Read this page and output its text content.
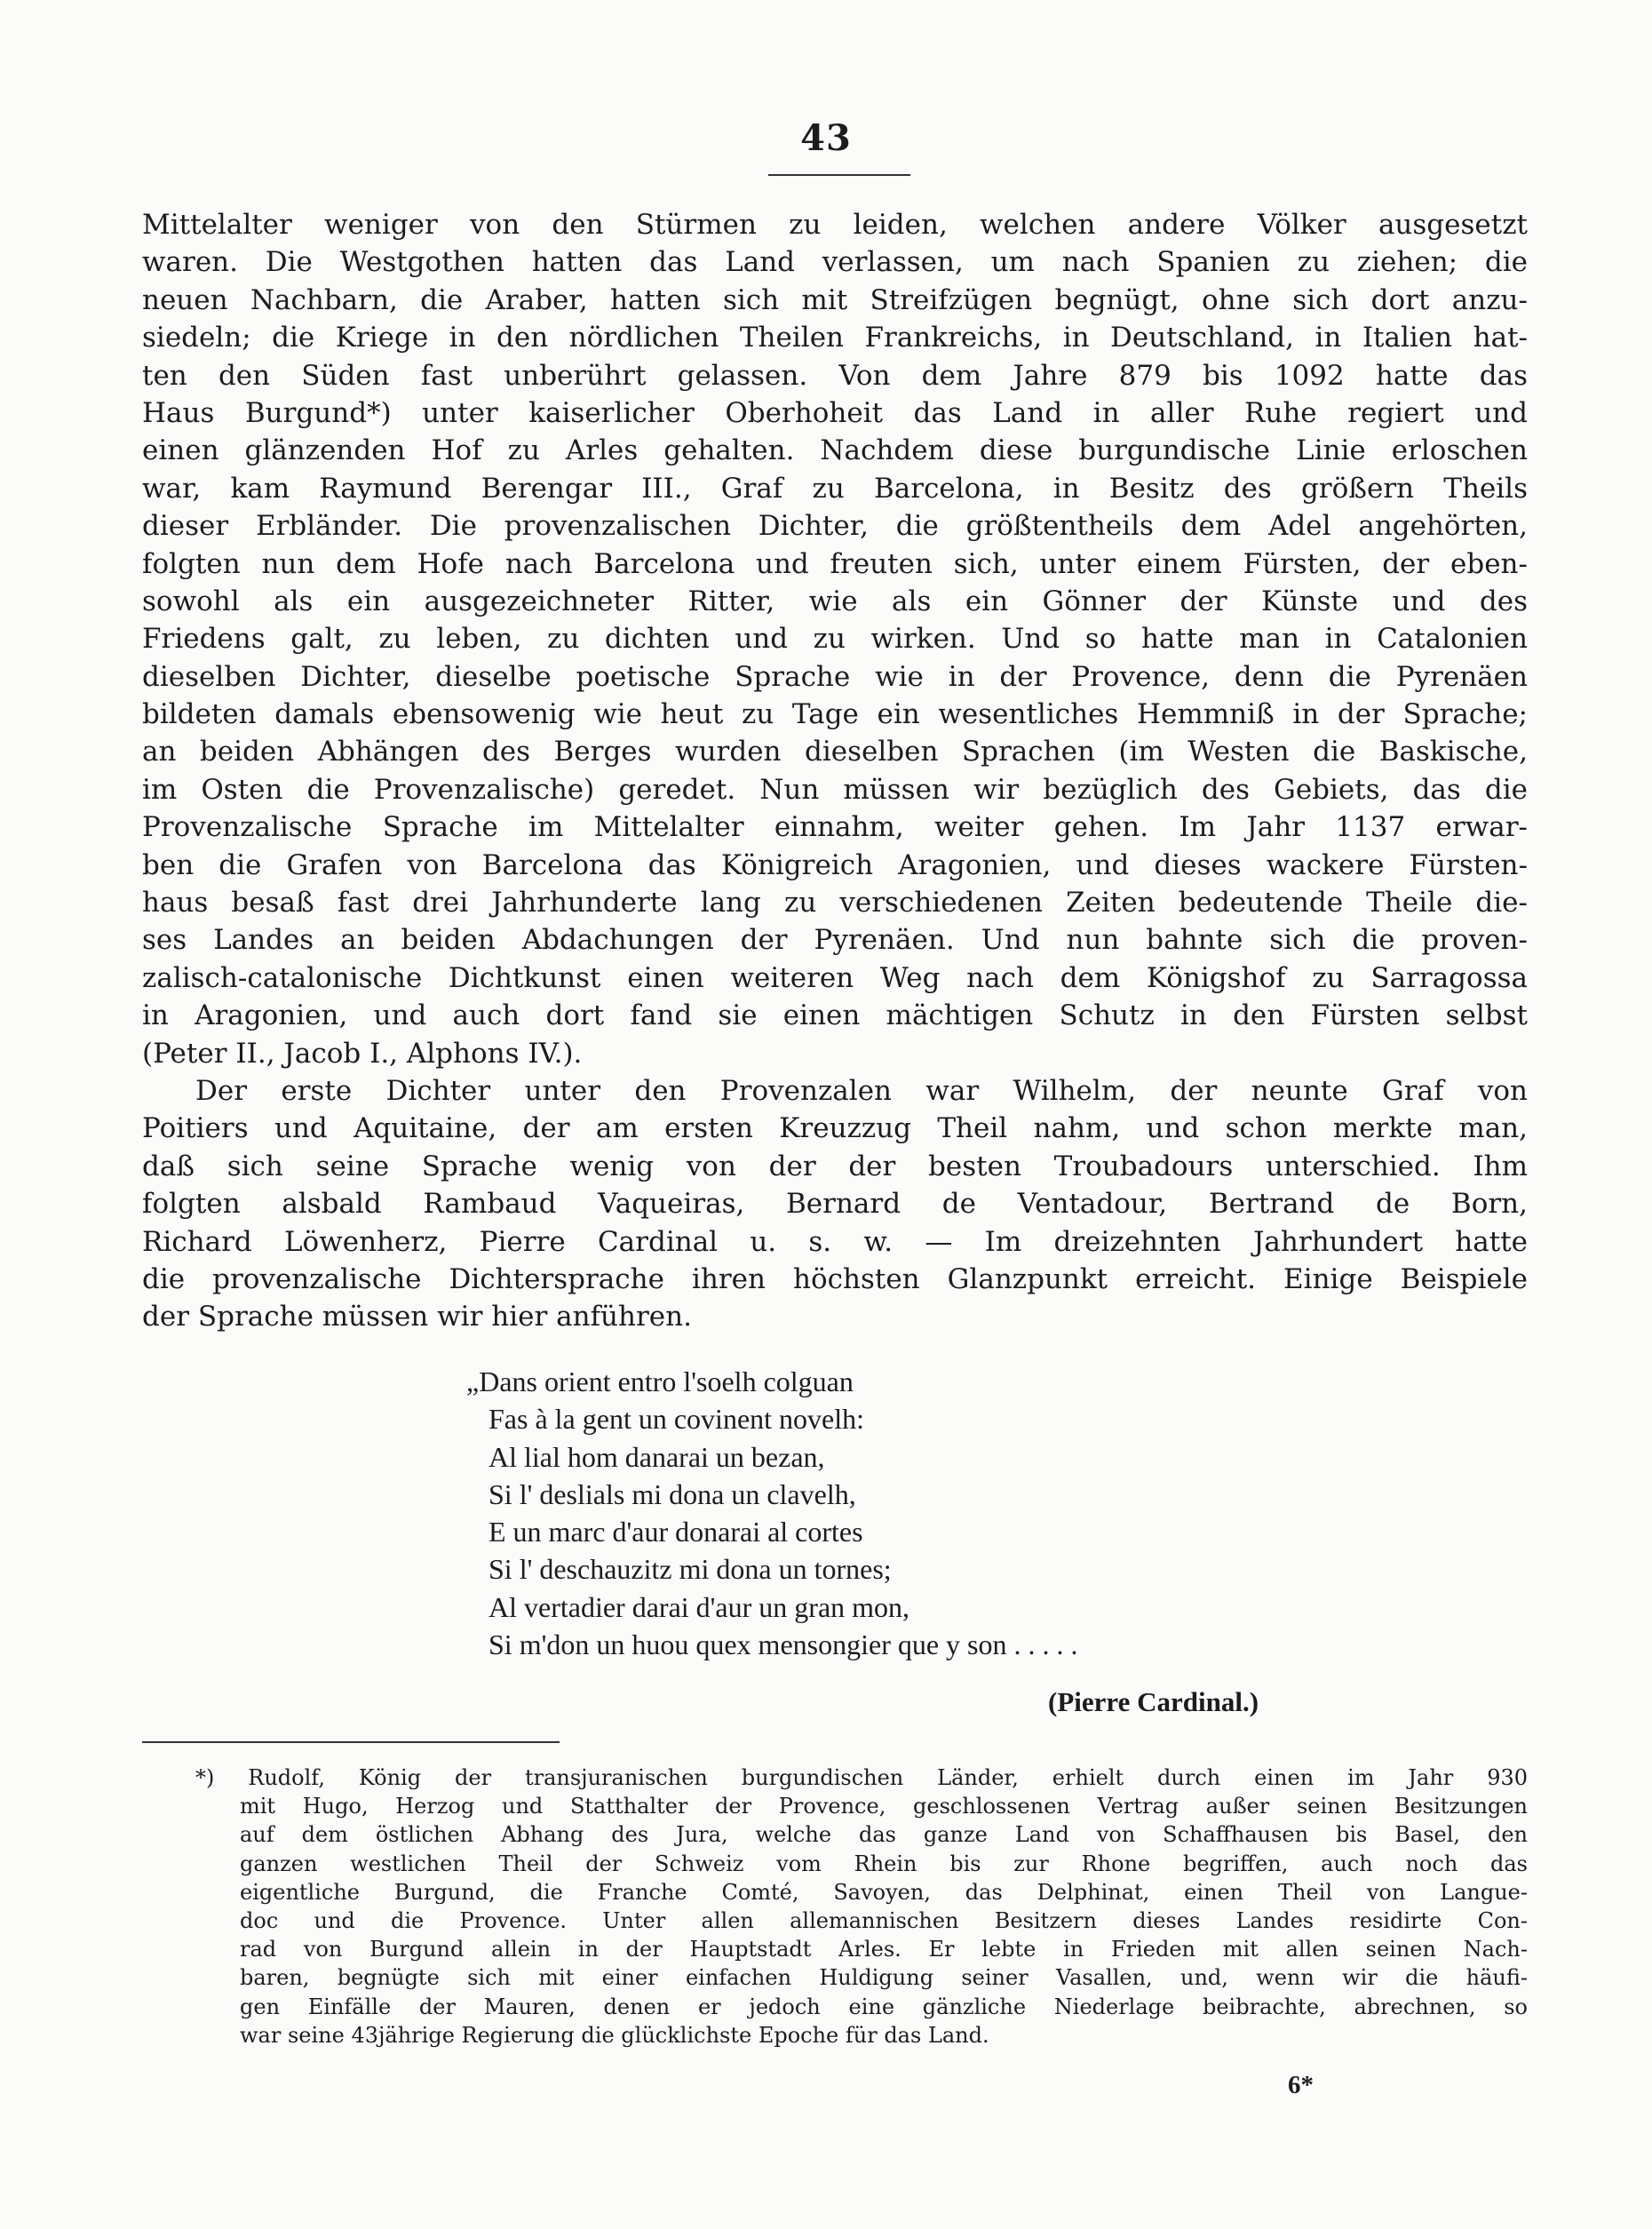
43
Mittelalter weniger von den Stürmen zu leiden, welchen andere Völker ausgesetzt
waren. Die Westgothen hatten das Land verlassen, um nach Spanien zu ziehen; die
neuen Nachbarn, die Araber, hatten sich mit Streifzügen begnügt, ohne sich dort anzu-
siedeln; die Kriege in den nördlichen Theilen Frankreichs, in Deutschland, in Italien hat-
ten den Süden fast unberührt gelassen. Von dem Jahre 879 bis 1092 hatte das
Haus Burgund*) unter kaiserlicher Oberhoheit das Land in aller Ruhe regiert und
einen glänzenden Hof zu Arles gehalten. Nachdem diese burgundische Linie erloschen
war, kam Raymund Berengar III., Graf zu Barcelona, in Besitz des größern Theils
dieser Erbländer. Die provenzalischen Dichter, die größtentheils dem Adel angehörten,
folgten nun dem Hofe nach Barcelona und freuten sich, unter einem Fürsten, der eben-
sowohl als ein ausgezeichneter Ritter, wie als ein Gönner der Künste und des
Friedens galt, zu leben, zu dichten und zu wirken. Und so hatte man in Catalonien
dieselben Dichter, dieselbe poetische Sprache wie in der Provence, denn die Pyrenäen
bildeten damals ebensowenig wie heut zu Tage ein wesentliches Hemmniß in der Sprache;
an beiden Abhängen des Berges wurden dieselben Sprachen (im Westen die Baskische,
im Osten die Provenzalische) geredet. Nun müssen wir bezüglich des Gebiets, das die
Provenzalische Sprache im Mittelalter einnahm, weiter gehen. Im Jahr 1137 erwar-
ben die Grafen von Barcelona das Königreich Aragonien, und dieses wackere Fürsten-
haus besaß fast drei Jahrhunderte lang zu verschiedenen Zeiten bedeutende Theile die-
ses Landes an beiden Abdachungen der Pyrenäen. Und nun bahnte sich die proven-
zalisch-catalonische Dichtkunst einen weiteren Weg nach dem Königshof zu Sarragossa
in Aragonien, und auch dort fand sie einen mächtigen Schutz in den Fürsten selbst
(Peter II., Jacob I., Alphons IV.).
Der erste Dichter unter den Provenzalen war Wilhelm, der neunte Graf von
Poitiers und Aquitaine, der am ersten Kreuzzug Theil nahm, und schon merkte man,
daß sich seine Sprache wenig von der der besten Troubadours unterschied. Ihm
folgten alsbald Rambaud Vaqueiras, Bernard de Ventadour, Bertrand de Born,
Richard Löwenherz, Pierre Cardinal u. s. w. — Im dreizehnten Jahrhundert hatte
die provenzalische Dichtersprache ihren höchsten Glanzpunkt erreicht. Einige Beispiele
der Sprache müssen wir hier anführen.
„Dans orient entro l'soelh colguan
Fas à la gent un covinent novelh:
Al lial hom danarai un bezan,
Si l' deslials mi dona un clavelh,
E un marc d'aur donarai al cortes
Si l' deschauzitz mi dona un tornes;
Al vertadier darai d'aur un gran mon,
Si m'don un huou quex mensongier que y son . . . . .
(Pierre Cardinal.)
*) Rudolf, König der transjuranischen burgundischen Länder, erhielt durch einen im Jahr 930
mit Hugo, Herzog und Statthalter der Provence, geschlossenen Vertrag außer seinen Besitzungen
auf dem östlichen Abhang des Jura, welche das ganze Land von Schaffhausen bis Basel, den
ganzen westlichen Theil der Schweiz vom Rhein bis zur Rhone begriffen, auch noch das
eigentliche Burgund, die Franche Comté, Savoyen, das Delphinat, einen Theil von Langue-
doc und die Provence. Unter allen allemannischen Besitzern dieses Landes residirte Con-
rad von Burgund allein in der Hauptstadt Arles. Er lebte in Frieden mit allen seinen Nach-
baren, begnügte sich mit einer einfachen Huldigung seiner Vasallen, und, wenn wir die häufi-
gen Einfälle der Mauren, denen er jedoch eine gänzliche Niederlage beibrachte, abrechnen, so
war seine 43jährige Regierung die glücklichste Epoche für das Land.
6*
